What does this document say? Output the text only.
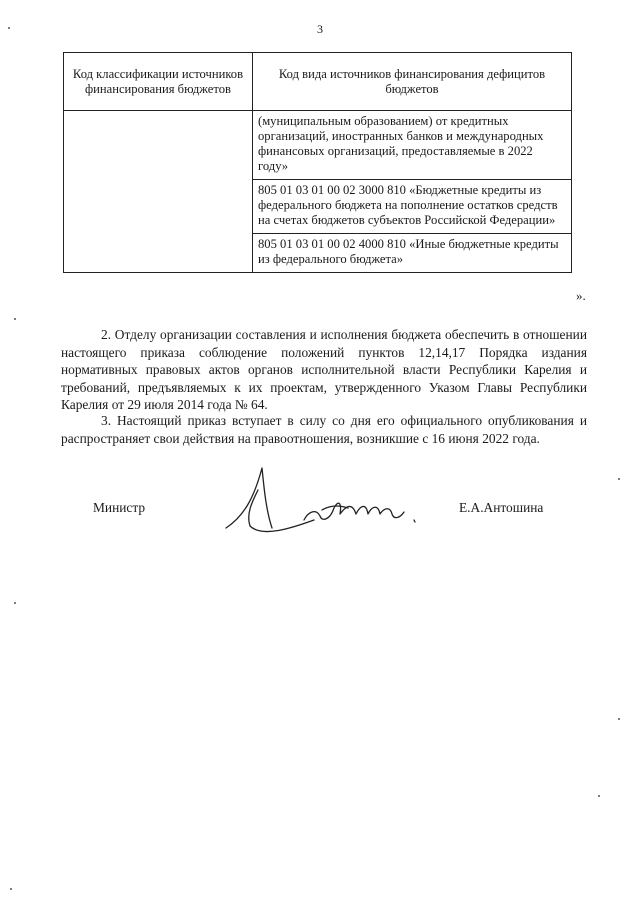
3
Код классификации источников финансирования бюджетов	Код вида источников финансирования дефицитов бюджетов
	(муниципальным образованием) от кредитных организаций, иностранных банков и международных финансовых организаций, предоставляемые в 2022 году»
	805 01 03 01 00 02 3000 810 «Бюджетные кредиты из федерального бюджета на пополнение остатков средств на счетах бюджетов субъектов Российской Федерации»
	805 01 03 01 00 02 4000 810 «Иные бюджетные кредиты из федерального бюджета»
».
2. Отделу организации составления и исполнения бюджета обеспечить в отношении настоящего приказа соблюдение положений пунктов 12,14,17 Порядка издания нормативных правовых актов органов исполнительной власти Республики Карелия и требований, предъявляемых к их проектам, утвержденного Указом Главы Республики Карелия от 29 июля 2014 года № 64.
3. Настоящий приказ вступает в силу со дня его официального опубликования и распространяет свои действия на правоотношения, возникшие с 16 июня 2022 года.
Министр	Е.А.Антошина
